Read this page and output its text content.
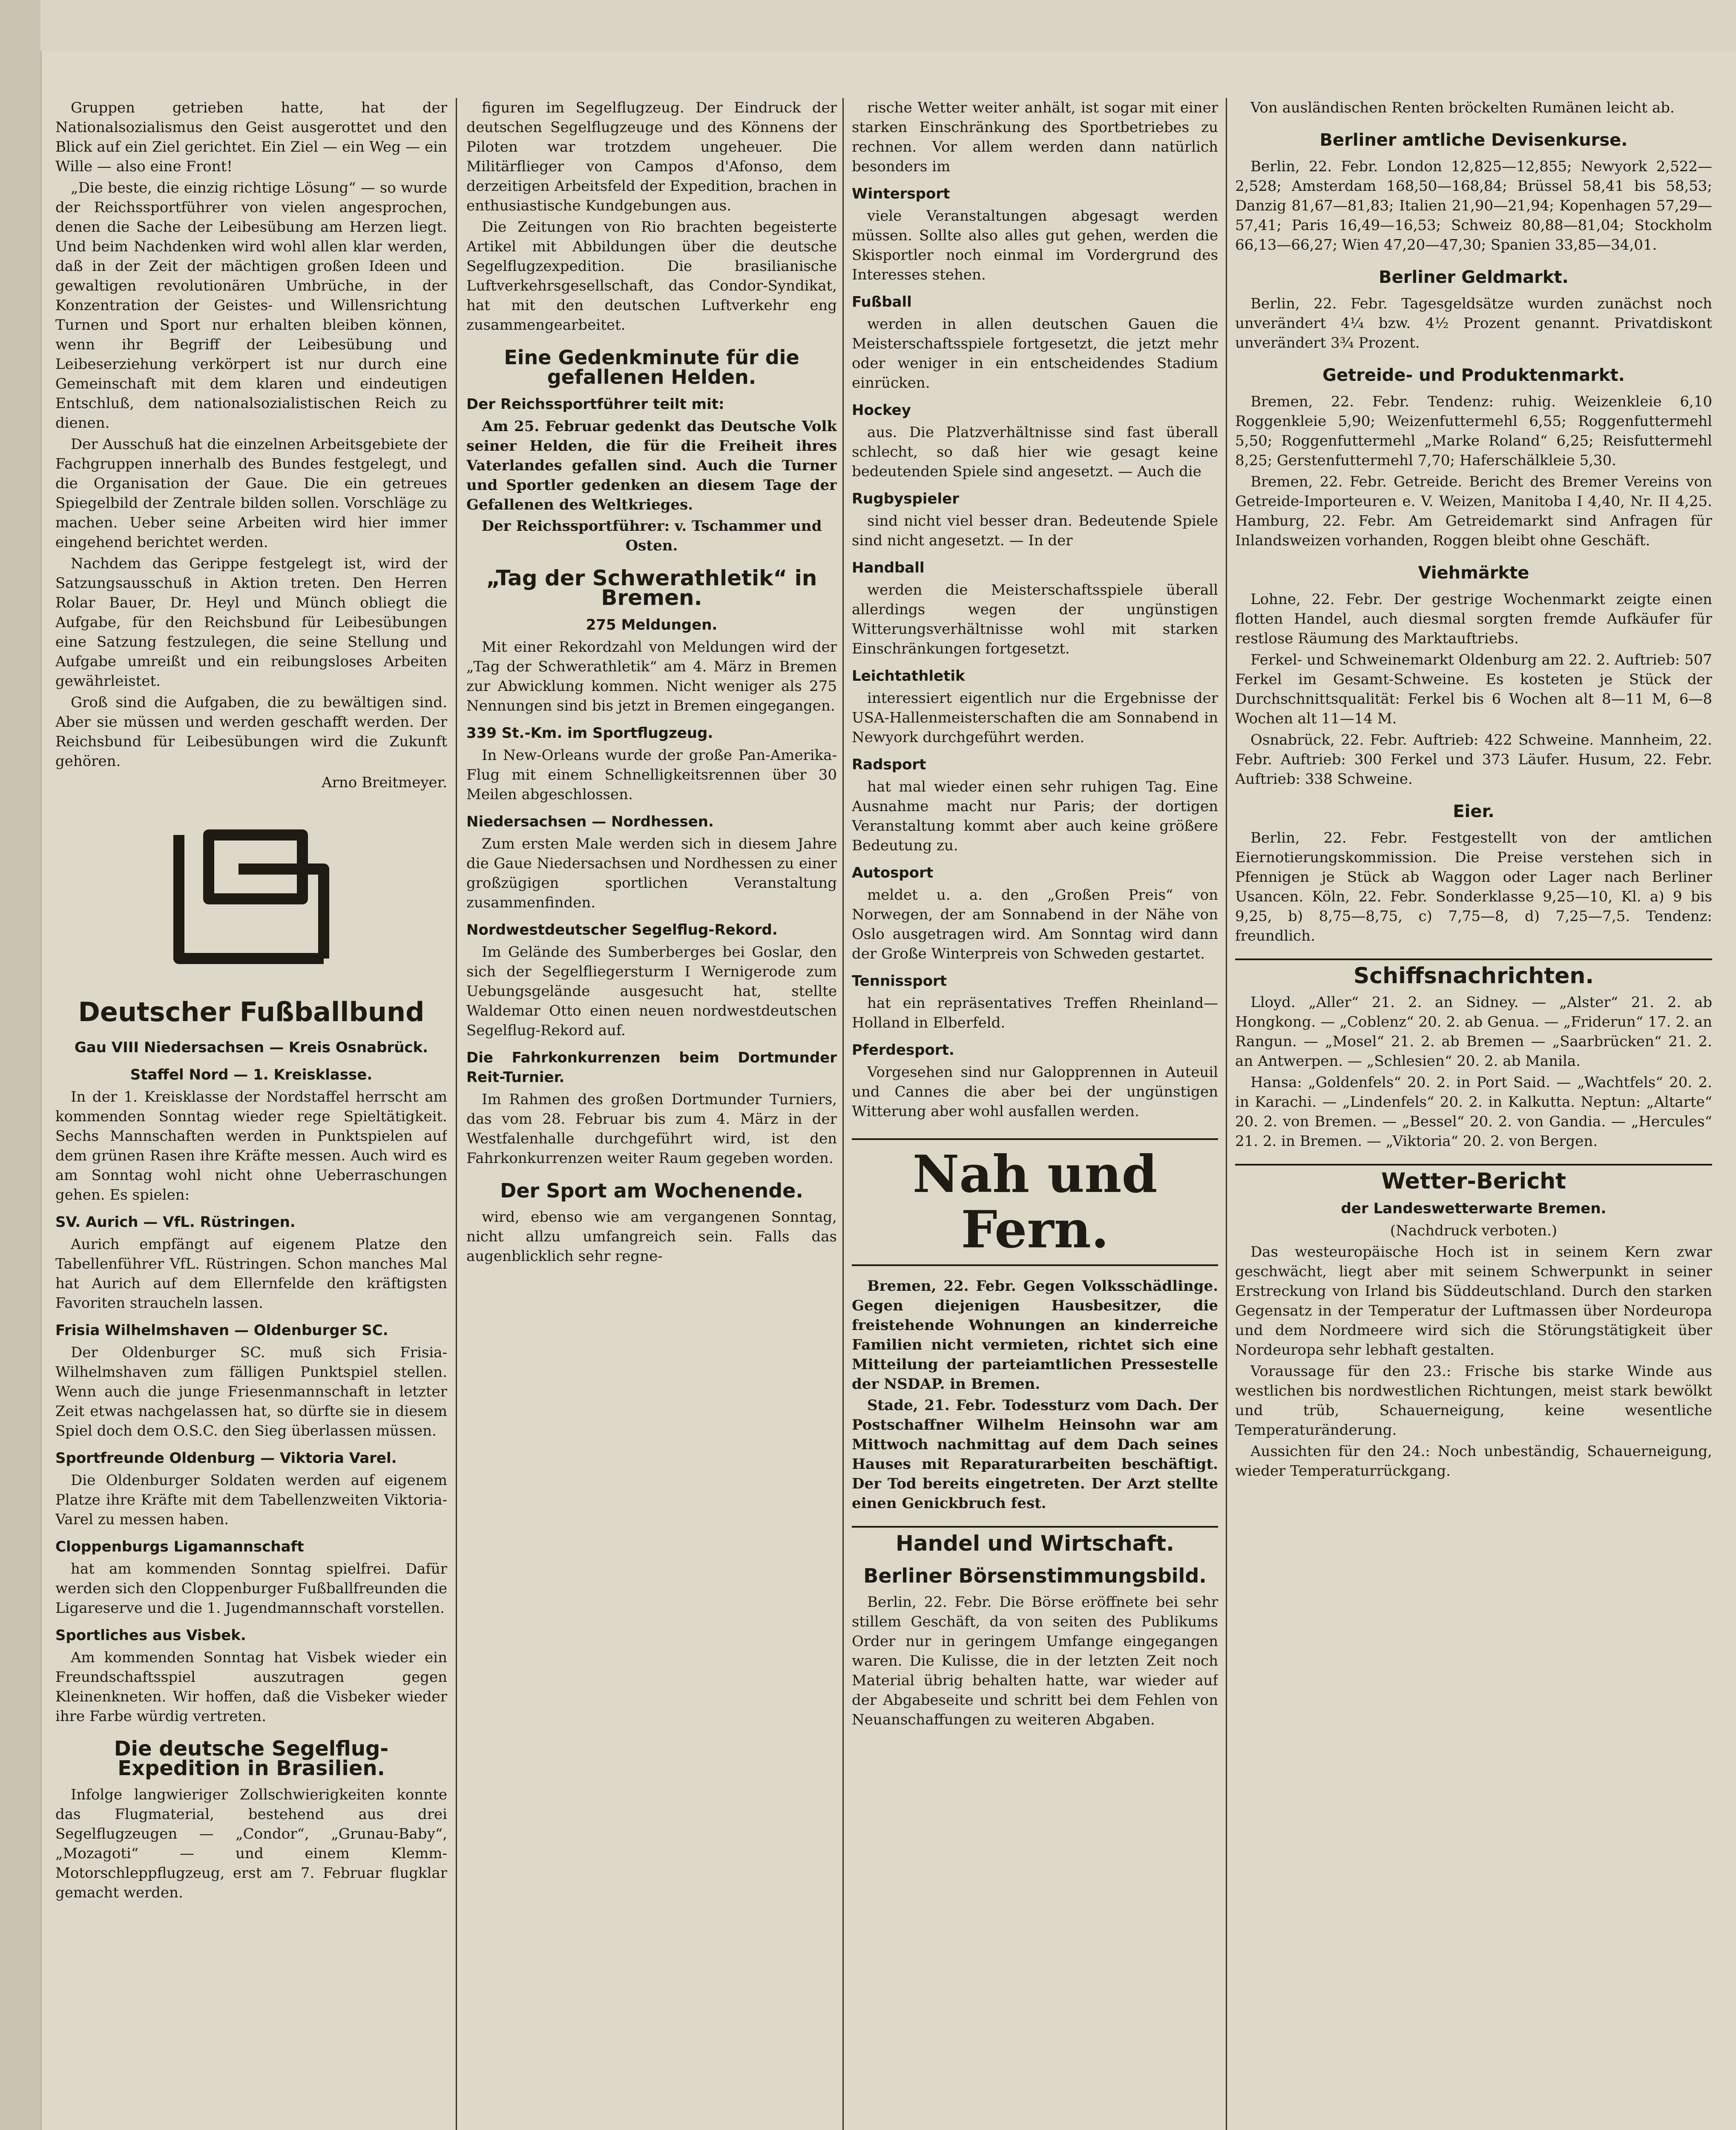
Gruppen getrieben hatte, hat der Nationalsozialismus den Geist ausgerottet und den Blick auf ein Ziel gerichtet. Ein Ziel — ein Weg — ein Wille — also eine Front!

„Die beste, die einzig richtige Lösung“ — so wurde der Reichssportführer von vielen angesprochen, denen die Sache der Leibesübung am Herzen liegt. Und beim Nachdenken wird wohl allen klar werden, daß in der Zeit der mächtigen großen Ideen und gewaltigen revolutionären Umbrüche, in der Konzentration der Geistes- und Willensrichtung Turnen und Sport nur erhalten bleiben können, wenn ihr Begriff der Leibesübung und Leibeserziehung verkörpert ist nur durch eine Gemeinschaft mit dem klaren und eindeutigen Entschluß, dem nationalsozialistischen Reich zu dienen.

Der Ausschuß hat die einzelnen Arbeitsgebiete der Fachgruppen innerhalb des Bundes festgelegt, und die Organisation der Gaue. Die ein getreues Spiegelbild der Zentrale bilden sollen. Vorschläge zu machen. Ueber seine Arbeiten wird hier immer eingehend berichtet werden.

Nachdem das Gerippe festgelegt ist, wird der Satzungsausschuß in Aktion treten. Den Herren Rolar Bauer, Dr. Heyl und Münch obliegt die Aufgabe, für den Reichsbund für Leibesübungen eine Satzung festzulegen, die seine Stellung und Aufgabe umreißt und ein reibungsloses Arbeiten gewährleistet.

Groß sind die Aufgaben, die zu bewältigen sind. Aber sie müssen und werden geschafft werden. Der Reichsbund für Leibesübungen wird die Zukunft gehören.

Arno Breitmeyer.

Deutscher Fußballbund
Gau VIII Niedersachsen — Kreis Osnabrück.
Staffel Nord — 1. Kreisklasse.

In der 1. Kreisklasse der Nordstaffel herrscht am kommenden Sonntag wieder rege Spieltätigkeit. Sechs Mannschaften werden in Punktspielen auf dem grünen Rasen ihre Kräfte messen. Auch wird es am Sonntag wohl nicht ohne Ueberraschungen gehen. Es spielen:

SV. Aurich — VfL. Rüstringen.

Aurich empfängt auf eigenem Platze den Tabellenführer VfL. Rüstringen. Schon manches Mal hat Aurich auf dem Ellernfelde den kräftigsten Favoriten straucheln lassen.

Frisia Wilhelmshaven — Oldenburger SC.

Der Oldenburger SC. muß sich Frisia-Wilhelmshaven zum fälligen Punktspiel stellen. Wenn auch die junge Friesenmannschaft in letzter Zeit etwas nachgelassen hat, so dürfte sie in diesem Spiel doch dem O.S.C. den Sieg überlassen müssen.

Sportfreunde Oldenburg — Viktoria Varel.

Die Oldenburger Soldaten werden auf eigenem Platze ihre Kräfte mit dem Tabellenzweiten Viktoria-Varel zu messen haben.

Cloppenburgs Ligamannschaft

hat am kommenden Sonntag spielfrei. Dafür werden sich den Cloppenburger Fußballfreunden die Ligareserve und die 1. Jugendmannschaft vorstellen.

Sportliches aus Visbek.

Am kommenden Sonntag hat Visbek wieder ein Freundschaftsspiel auszutragen gegen Kleinenkneten. Wir hoffen, daß die Visbeker wieder ihre Farbe würdig vertreten.

Die deutsche Segelflug-Expedition in Brasilien.

Infolge langwieriger Zollschwierigkeiten konnte das Flugmaterial, bestehend aus drei Segelflugzeugen — „Condor“, „Grunau-Baby“, „Mozagoti“ — und einem Klemm-Motorschleppflugzeug, erst am 7. Februar flugklar gemacht werden.

figuren im Segelflugzeug. Der Eindruck der deutschen Segelflugzeuge und des Könnens der Piloten war trotzdem ungeheuer. Die Militärflieger von Campos d'Afonso, dem derzeitigen Arbeitsfeld der Expedition, brachen in enthusiastische Kundgebungen aus.

Die Zeitungen von Rio brachten begeisterte Artikel mit Abbildungen über die deutsche Segelflugzexpedition. Die brasilianische Luftverkehrsgesellschaft, das Condor-Syndikat, hat mit den deutschen Luftverkehr eng zusammengearbeitet.

Eine Gedenkminute für die gefallenen Helden.
Der Reichssportführer teilt mit:

Am 25. Februar gedenkt das Deutsche Volk seiner Helden, die für die Freiheit ihres Vaterlandes gefallen sind. Auch die Turner und Sportler gedenken an diesem Tage der Gefallenen des Weltkrieges.

Der Reichssportführer: v. Tschammer und Osten.

„Tag der Schwerathletik“ in Bremen.
275 Meldungen.

Mit einer Rekordzahl von Meldungen wird der „Tag der Schwerathletik“ am 4. März in Bremen zur Abwicklung kommen. Nicht weniger als 275 Nennungen sind bis jetzt in Bremen eingegangen.

339 St.-Km. im Sportflugzeug.

In New-Orleans wurde der große Pan-Amerika-Flug mit einem Schnelligkeitsrennen über 30 Meilen abgeschlossen.

Niedersachsen — Nordhessen.

Zum ersten Male werden sich in diesem Jahre die Gaue Niedersachsen und Nordhessen zu einer großzügigen sportlichen Veranstaltung zusammenfinden.

Nordwestdeutscher Segelflug-Rekord.

Im Gelände des Sumberberges bei Goslar, den sich der Segelfliegersturm I Wernigerode zum Uebungsgelände ausgesucht hat, stellte Waldemar Otto einen neuen nordwestdeutschen Segelflug-Rekord auf.

Die Fahrkonkurrenzen beim Dortmunder Reit-Turnier.

Im Rahmen des großen Dortmunder Turniers, das vom 28. Februar bis zum 4. März in der Westfalenhalle durchgeführt wird, ist den Fahrkonkurrenzen weiter Raum gegeben worden.

Der Sport am Wochenende.

wird, ebenso wie am vergangenen Sonntag, nicht allzu umfangreich sein. Falls das augenblicklich sehr regne-

rische Wetter weiter anhält, ist sogar mit einer starken Einschränkung des Sportbetriebes zu rechnen. Vor allem werden dann natürlich besonders im

Wintersport

viele Veranstaltungen abgesagt werden müssen. Sollte also alles gut gehen, werden die Skisportler noch einmal im Vordergrund des Interesses stehen.

Fußball

werden in allen deutschen Gauen die Meisterschaftsspiele fortgesetzt, die jetzt mehr oder weniger in ein entscheidendes Stadium einrücken.

Hockey

aus. Die Platzverhältnisse sind fast überall schlecht, so daß hier wie gesagt keine bedeutenden Spiele sind angesetzt. — Auch die

Rugbyspieler

sind nicht viel besser dran. Bedeutende Spiele sind nicht angesetzt. — In der

Handball

werden die Meisterschaftsspiele überall allerdings wegen der ungünstigen Witterungsverhältnisse wohl mit starken Einschränkungen fortgesetzt.

Leichtathletik

interessiert eigentlich nur die Ergebnisse der USA-Hallenmeisterschaften die am Sonnabend in Newyork durchgeführt werden.

Radsport

hat mal wieder einen sehr ruhigen Tag. Eine Ausnahme macht nur Paris; der dortigen Veranstaltung kommt aber auch keine größere Bedeutung zu.

Autosport

meldet u. a. den „Großen Preis“ von Norwegen, der am Sonnabend in der Nähe von Oslo ausgetragen wird. Am Sonntag wird dann der Große Winterpreis von Schweden gestartet.

Tennissport

hat ein repräsentatives Treffen Rheinland—Holland in Elberfeld.

Pferdesport.

Vorgesehen sind nur Galopprennen in Auteuil und Cannes die aber bei der ungünstigen Witterung aber wohl ausfallen werden.

Nah und Fern.

Bremen, 22. Febr. Gegen Volksschädlinge. Gegen diejenigen Hausbesitzer, die freistehende Wohnungen an kinderreiche Familien nicht vermieten, richtet sich eine Mitteilung der parteiamtlichen Pressestelle der NSDAP. in Bremen.

Stade, 21. Febr. Todessturz vom Dach. Der Postschaffner Wilhelm Heinsohn war am Mittwoch nachmittag auf dem Dach seines Hauses mit Reparaturarbeiten beschäftigt. Der Tod bereits eingetreten. Der Arzt stellte einen Genickbruch fest.

Handel und Wirtschaft.
Berliner Börsenstimmungsbild.

Berlin, 22. Febr. Die Börse eröffnete bei sehr stillem Geschäft, da von seiten des Publikums Order nur in geringem Umfange eingegangen waren. Die Kulisse, die in der letzten Zeit noch Material übrig behalten hatte, war wieder auf der Abgabeseite und schritt bei dem Fehlen von Neuanschaffungen zu weiteren Abgaben.

Von ausländischen Renten bröckelten Rumänen leicht ab.

Berliner amtliche Devisenkurse.

Berlin, 22. Febr. London 12,825—12,855; Newyork 2,522—2,528; Amsterdam 168,50—168,84; Brüssel 58,41 bis 58,53; Danzig 81,67—81,83; Italien 21,90—21,94; Kopenhagen 57,29—57,41; Paris 16,49—16,53; Schweiz 80,88—81,04; Stockholm 66,13—66,27; Wien 47,20—47,30; Spanien 33,85—34,01.

Berliner Geldmarkt.

Berlin, 22. Febr. Tagesgeldsätze wurden zunächst noch unverändert 4¼ bzw. 4½ Prozent genannt. Privatdiskont unverändert 3¾ Prozent.

Getreide- und Produktenmarkt.

Bremen, 22. Febr. Tendenz: ruhig. Weizenkleie 6,10 Roggenkleie 5,90; Weizenfuttermehl 6,55; Roggenfuttermehl 5,50; Roggenfuttermehl „Marke Roland“ 6,25; Reisfuttermehl 8,25; Gerstenfuttermehl 7,70; Haferschälkleie 5,30.

Bremen, 22. Febr. Getreide. Bericht des Bremer Vereins von Getreide-Importeuren e. V. Weizen, Manitoba I 4,40, Nr. II 4,25. Hamburg, 22. Febr. Am Getreidemarkt sind Anfragen für Inlandsweizen vorhanden, Roggen bleibt ohne Geschäft.

Viehmärkte

Lohne, 22. Febr. Der gestrige Wochenmarkt zeigte einen flotten Handel, auch diesmal sorgten fremde Aufkäufer für restlose Räumung des Marktauftriebs.

Ferkel- und Schweinemarkt Oldenburg am 22. 2. Auftrieb: 507 Ferkel im Gesamt-Schweine. Es kosteten je Stück der Durchschnittsqualität: Ferkel bis 6 Wochen alt 8—11 M, 6—8 Wochen alt 11—14 M.

Osnabrück, 22. Febr. Auftrieb: 422 Schweine. Mannheim, 22. Febr. Auftrieb: 300 Ferkel und 373 Läufer. Husum, 22. Febr. Auftrieb: 338 Schweine.

Eier.

Berlin, 22. Febr. Festgestellt von der amtlichen Eiernotierungskommission. Die Preise verstehen sich in Pfennigen je Stück ab Waggon oder Lager nach Berliner Usancen. Köln, 22. Febr. Sonderklasse 9,25—10, Kl. a) 9 bis 9,25, b) 8,75—8,75, c) 7,75—8, d) 7,25—7,5. Tendenz: freundlich.

Schiffsnachrichten.

Lloyd. „Aller“ 21. 2. an Sidney. — „Alster“ 21. 2. ab Hongkong. — „Coblenz“ 20. 2. ab Genua. — „Friderun“ 17. 2. an Rangun. — „Mosel“ 21. 2. ab Bremen — „Saarbrücken“ 21. 2. an Antwerpen. — „Schlesien“ 20. 2. ab Manila.

Hansa: „Goldenfels“ 20. 2. in Port Said. — „Wachtfels“ 20. 2. in Karachi. — „Lindenfels“ 20. 2. in Kalkutta. Neptun: „Altarte“ 20. 2. von Bremen. — „Bessel“ 20. 2. von Gandia. — „Hercules“ 21. 2. in Bremen. — „Viktoria“ 20. 2. von Bergen.

Wetter-Bericht
der Landeswetterwarte Bremen.

(Nachdruck verboten.)

Das westeuropäische Hoch ist in seinem Kern zwar geschwächt, liegt aber mit seinem Schwerpunkt in seiner Erstreckung von Irland bis Süddeutschland. Durch den starken Gegensatz in der Temperatur der Luftmassen über Nordeuropa und dem Nordmeere wird sich die Störungstätigkeit über Nordeuropa sehr lebhaft gestalten.

Voraussage für den 23.: Frische bis starke Winde aus westlichen bis nordwestlichen Richtungen, meist stark bewölkt und trüb, Schauerneigung, keine wesentliche Temperaturänderung.

Aussichten für den 24.: Noch unbeständig, Schauerneigung, wieder Temperaturrückgang.
